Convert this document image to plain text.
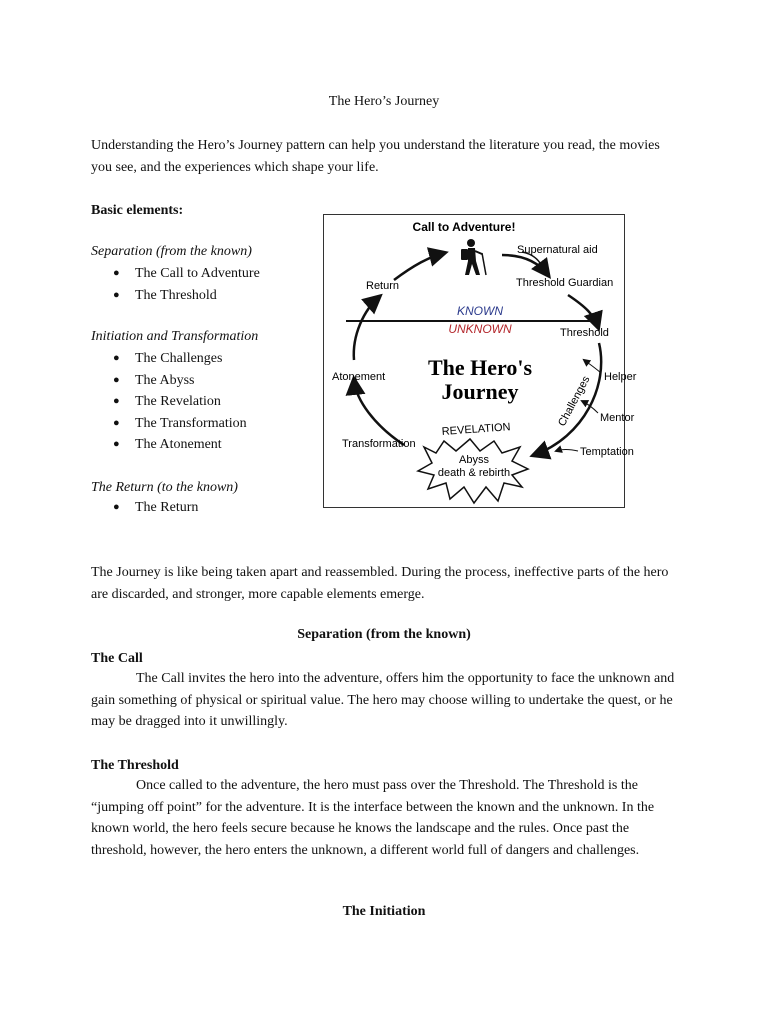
The Hero’s Journey
Understanding the Hero’s Journey pattern can help you understand the literature you read, the movies you see, and the experiences which shape your life.
Basic elements:
Separation (from the known)
● The Call to Adventure
● The Threshold
Initiation and Transformation
● The Challenges
● The Abyss
● The Revelation
● The Transformation
● The Atonement
The Return (to the known)
● The Return
Call to Adventure!
Supernatural aid
Threshold Guardian
Return
KNOWN
UNKNOWN	Threshold
The Hero's
Journey
Atonement	Helper
Mentor
Challenges
Transformation
REVELATION
Temptation
Abyss
death & rebirth
The Journey is like being taken apart and reassembled. During the process, ineffective parts of the hero are discarded, and stronger, more capable elements emerge.
Separation (from the known)
The Call
The Call invites the hero into the adventure, offers him the opportunity to face the unknown and gain something of physical or spiritual value. The hero may choose willing to undertake the quest, or he may be dragged into it unwillingly.
The Threshold
Once called to the adventure, the hero must pass over the Threshold. The Threshold is the “jumping off point” for the adventure. It is the interface between the known and the unknown. In the known world, the hero feels secure because he knows the landscape and the rules. Once past the threshold, however, the hero enters the unknown, a different world full of dangers and challenges.
The Initiation
